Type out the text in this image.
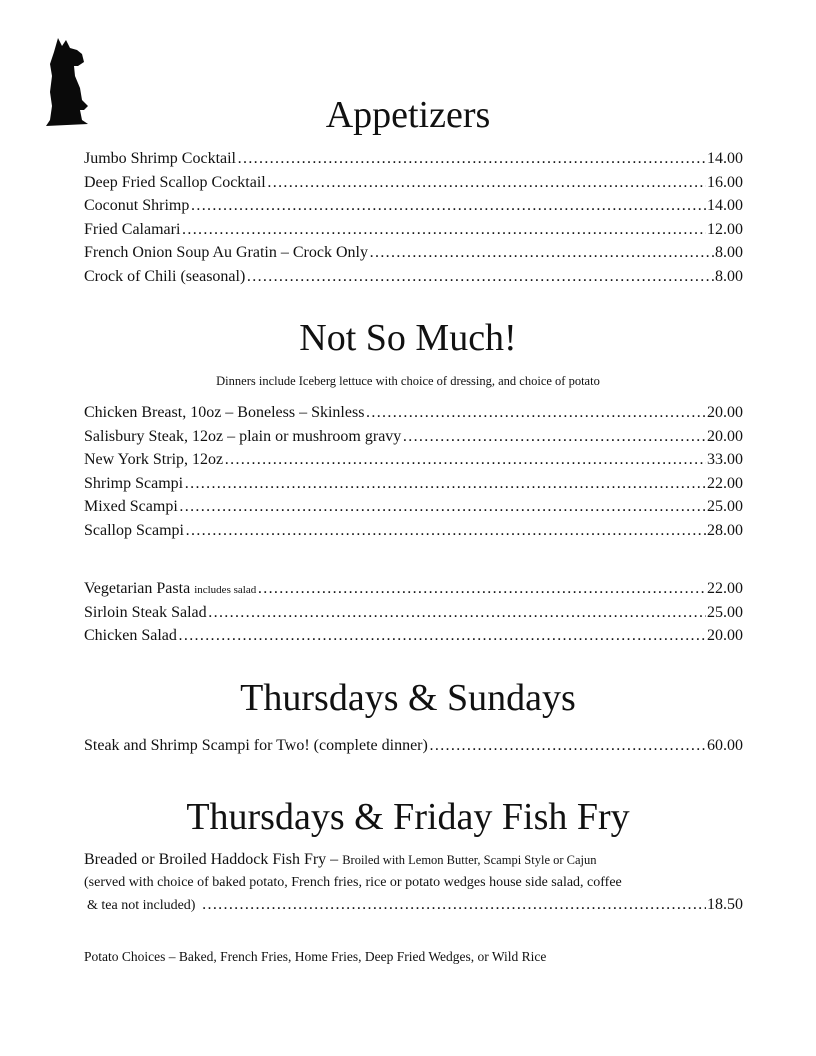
Appetizers
Jumbo Shrimp Cocktail ……………………………………………………………………………………………………………………………………………………	14.00
Deep Fried Scallop Cocktail ……………………………………………………………………………………………………………………………………………………	16.00
Coconut Shrimp ……………………………………………………………………………………………………………………………………………………	14.00
Fried Calamari ……………………………………………………………………………………………………………………………………………………	12.00
French Onion Soup Au Gratin – Crock Only ……………………………………………………………………………………………………………………………………………………	8.00
Crock of Chili (seasonal) ……………………………………………………………………………………………………………………………………………………	8.00
Not So Much!
Dinners include Iceberg lettuce with choice of dressing, and choice of potato
Chicken Breast, 10oz – Boneless – Skinless ……………………………………………………………………………………………………………………………………………………	20.00
Salisbury Steak, 12oz – plain or mushroom gravy ……………………………………………………………………………………………………………………………………………………	20.00
New York Strip, 12oz ……………………………………………………………………………………………………………………………………………………	33.00
Shrimp Scampi ……………………………………………………………………………………………………………………………………………………	22.00
Mixed Scampi ……………………………………………………………………………………………………………………………………………………	25.00
Scallop Scampi ……………………………………………………………………………………………………………………………………………………	28.00
Vegetarian Pasta
includes salad ……………………………………………………………………………………………………………………………………………………	22.00
Sirloin Steak Salad ……………………………………………………………………………………………………………………………………………………	25.00
Chicken Salad ……………………………………………………………………………………………………………………………………………………	20.00
Thursdays & Sundays
Steak and Shrimp Scampi for Two! (complete dinner) ……………………………………………………………………………………………………………………………………………………	60.00
Thursdays & Friday Fish Fry
Breaded or Broiled Haddock Fish Fry – Broiled with Lemon Butter, Scampi Style or Cajun
(served with choice of baked potato, French fries, rice or potato wedges house side salad, coffee
& tea not included) ……………………………………………………………………………………………………………………………………………………	18.50
Potato Choices – Baked, French Fries, Home Fries, Deep Fried Wedges, or Wild Rice
